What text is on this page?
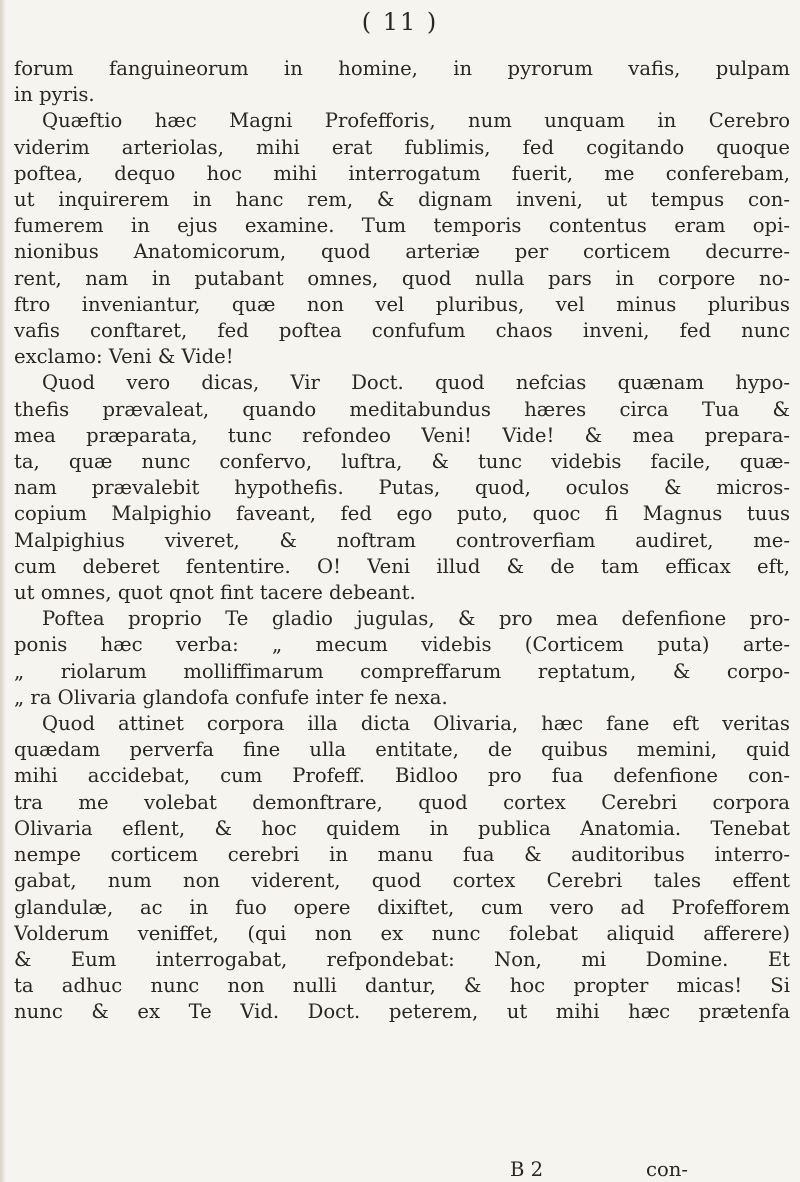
( 11 )
forum fanguineorum in homine, in pyrorum vafis, pulpam
in pyris.
Quæftio hæc Magni Profefforis, num unquam in Cerebro
viderim arteriolas, mihi erat fublimis, fed cogitando quoque
poftea, dequo hoc mihi interrogatum fuerit, me conferebam,
ut inquirerem in hanc rem, & dignam inveni, ut tempus con-
fumerem in ejus examine. Tum temporis contentus eram opi-
nionibus Anatomicorum, quod arteriæ per corticem decurre-
rent, nam in putabant omnes, quod nulla pars in corpore no-
ftro inveniantur, quæ non vel pluribus, vel minus pluribus
vafis conftaret, fed poftea confufum chaos inveni, fed nunc
exclamo: Veni & Vide!
Quod vero dicas, Vir Doct. quod nefcias quænam hypo-
thefis prævaleat, quando meditabundus hæres circa Tua &
mea præparata, tunc refondeo Veni! Vide! & mea prepara-
ta, quæ nunc confervo, luftra, & tunc videbis facile, quæ-
nam prævalebit hypothefis. Putas, quod, oculos & micros-
copium Malpighio faveant, fed ego puto, quoc fi Magnus tuus
Malpighius viveret, & noftram controverfiam audiret, me-
cum deberet fententire. O! Veni illud & de tam efficax eft,
ut omnes, quot qnot fint tacere debeant.
Poftea proprio Te gladio jugulas, & pro mea defenfione pro-
ponis hæc verba: „ mecum videbis (Corticem puta) arte-
„ riolarum molliffimarum compreffarum reptatum, & corpo-
„ ra Olivaria glandofa confufe inter fe nexa.
Quod attinet corpora illa dicta Olivaria, hæc fane eft veritas
quædam perverfa fine ulla entitate, de quibus memini, quid
mihi accidebat, cum Profeff. Bidloo pro fua defenfione con-
tra me volebat demonftrare, quod cortex Cerebri corpora
Olivaria eflent, & hoc quidem in publica Anatomia. Tenebat
nempe corticem cerebri in manu fua & auditoribus interro-
gabat, num non viderent, quod cortex Cerebri tales effent
glandulæ, ac in fuo opere dixiftet, cum vero ad Profefforem
Volderum veniffet, (qui non ex nunc folebat aliquid afferere)
& Eum interrogabat, refpondebat: Non, mi Domine. Et
ta adhuc nunc non nulli dantur, & hoc propter micas! Si
nunc & ex Te Vid. Doct. peterem, ut mihi hæc prætenfa
B 2	con-
